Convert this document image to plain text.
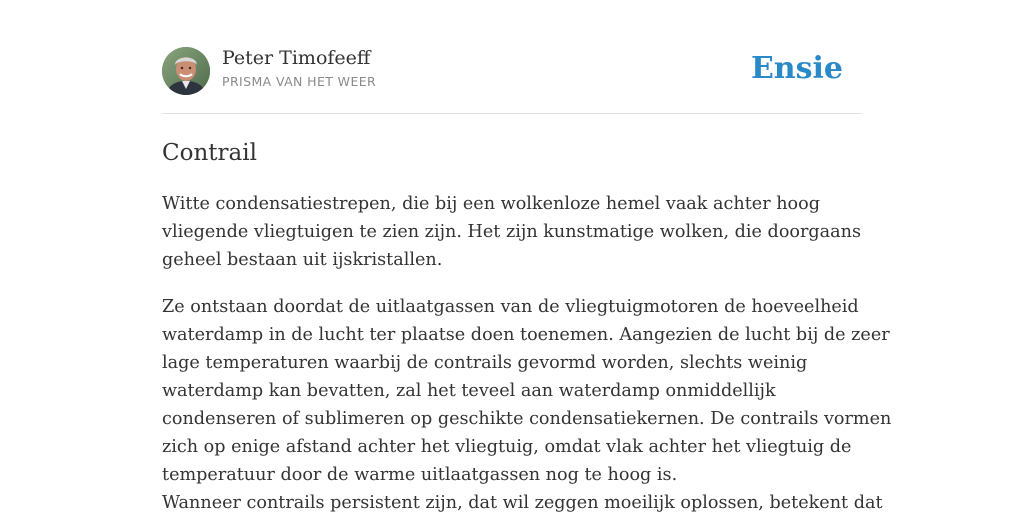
Peter Timofeeff
PRISMA VAN HET WEER	Ensie
Contrail

Witte condensatiestrepen, die bij een wolkenloze hemel vaak achter hoog
vliegende vliegtuigen te zien zijn. Het zijn kunstmatige wolken, die doorgaans
geheel bestaan uit ijskristallen.

Ze ontstaan doordat de uitlaatgassen van de vliegtuigmotoren de hoeveelheid
waterdamp in de lucht ter plaatse doen toenemen. Aangezien de lucht bij de zeer
lage temperaturen waarbij de contrails gevormd worden, slechts weinig
waterdamp kan bevatten, zal het teveel aan waterdamp onmiddellijk
condenseren of sublimeren op geschikte condensatiekernen. De contrails vormen
zich op enige afstand achter het vliegtuig, omdat vlak achter het vliegtuig de
temperatuur door de warme uitlaatgassen nog te hoog is.
Wanneer contrails persistent zijn, dat wil zeggen moeilijk oplossen, betekent dat
